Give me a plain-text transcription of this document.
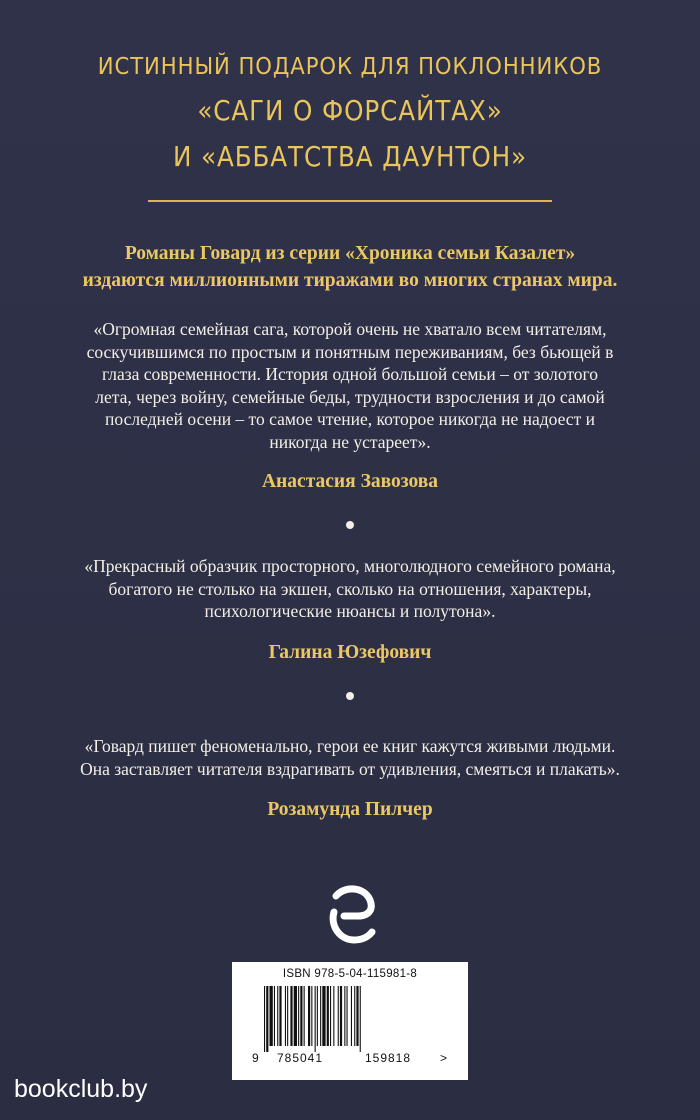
ИСТИННЫЙ ПОДАРОК ДЛЯ ПОКЛОННИКОВ
«САГИ О ФОРСАЙТАХ»
И «АББАТСТВА ДАУНТОН»
Романы Говард из серии «Хроника семьи Казалет»
издаются миллионными тиражами во многих странах мира.
«Огромная семейная сага, которой очень не хватало всем читателям,
соскучившимся по простым и понятным переживаниям, без бьющей в
глаза современности. История одной большой семьи – от золотого
лета, через войну, семейные беды, трудности взросления и до самой
последней осени – то самое чтение, которое никогда не надоест и
никогда не устареет».
Анастасия Завозова
«Прекрасный образчик просторного, многолюдного семейного романа,
богатого не столько на экшен, сколько на отношения, характеры,
психологические нюансы и полутона».
Галина Юзефович
«Говард пишет феноменально, герои ее книг кажутся живыми людьми.
Она заставляет читателя вздрагивать от удивления, смеяться и плакать».
Розамунда Пилчер
ISBN 978-5-04-115981-8
9 785041	159818 >
bookclub.by
